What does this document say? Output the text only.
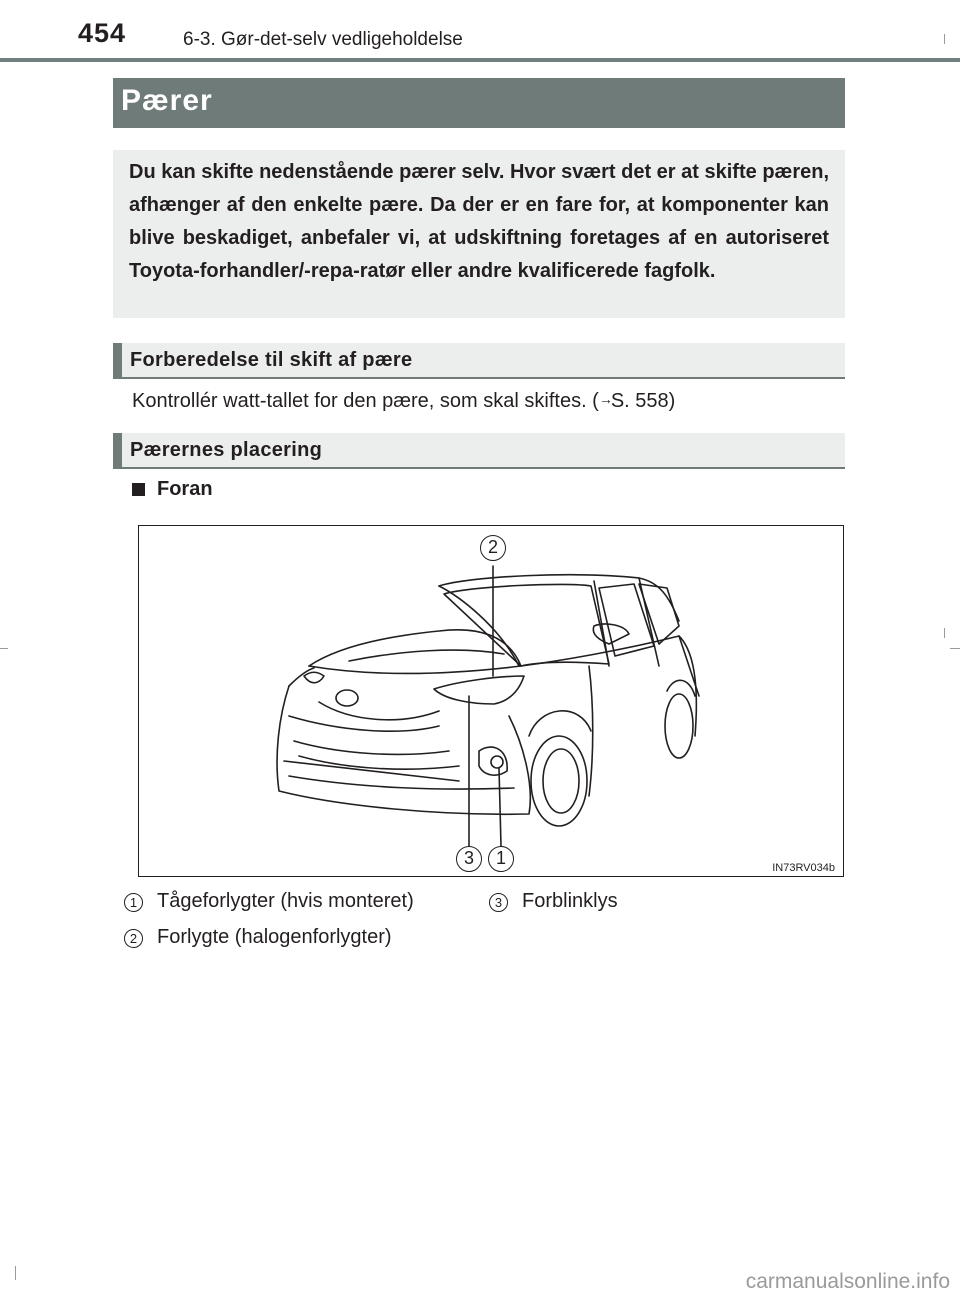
454	6-3. Gør-det-selv vedligeholdelse
Pærer

Du kan skifte nedenstående pærer selv. Hvor svært det er at skifte pæren, afhænger af den enkelte pære. Da der er en fare for, at komponenter kan blive beskadiget, anbefaler vi, at udskiftning foretages af en autoriseret Toyota-forhandler/-repa-ratør eller andre kvalificerede fagfolk.

Forberedelse til skift af pære
Kontrollér watt-tallet for den pære, som skal skiftes. (→S. 558)
Pærernes placering
Foran
2
3	1	IN73RV034b
1 Tågeforlygter (hvis monteret)	3 Forblinklys
2 Forlygte (halogenforlygter)
carmanualsonline.info
